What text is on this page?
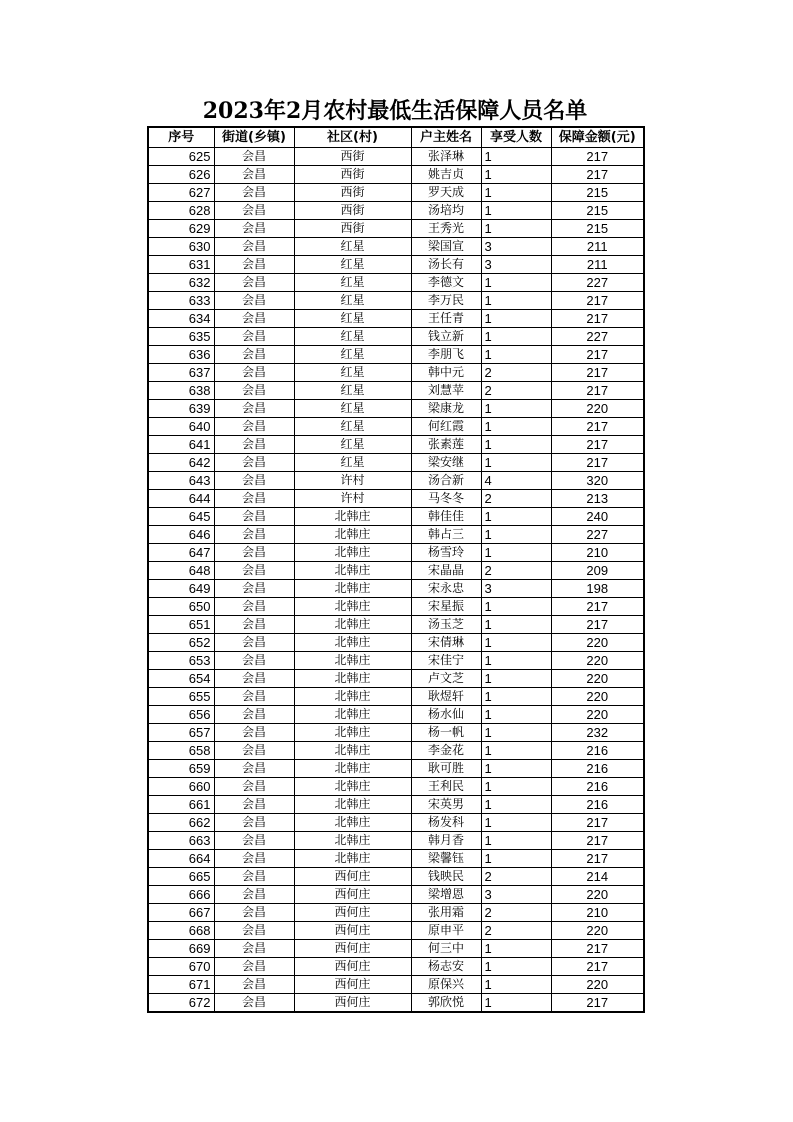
2023年2月农村最低生活保障人员名单
序号	街道(乡镇)	社区(村)	户主姓名	享受人数	保障金额(元)
625	会昌	西街	张泽琳	1	217
626	会昌	西街	姚吉贞	1	217
627	会昌	西街	罗天成	1	215
628	会昌	西街	汤培均	1	215
629	会昌	西街	王秀光	1	215
630	会昌	红星	梁国宣	3	211
631	会昌	红星	汤长有	3	211
632	会昌	红星	李德文	1	227
633	会昌	红星	李万民	1	217
634	会昌	红星	王任青	1	217
635	会昌	红星	钱立新	1	227
636	会昌	红星	李朋飞	1	217
637	会昌	红星	韩中元	2	217
638	会昌	红星	刘慧苹	2	217
639	会昌	红星	梁康龙	1	220
640	会昌	红星	何红霞	1	217
641	会昌	红星	张素莲	1	217
642	会昌	红星	梁安继	1	217
643	会昌	许村	汤合新	4	320
644	会昌	许村	马冬冬	2	213
645	会昌	北韩庄	韩佳佳	1	240
646	会昌	北韩庄	韩占三	1	227
647	会昌	北韩庄	杨雪玲	1	210
648	会昌	北韩庄	宋晶晶	2	209
649	会昌	北韩庄	宋永忠	3	198
650	会昌	北韩庄	宋星振	1	217
651	会昌	北韩庄	汤玉芝	1	217
652	会昌	北韩庄	宋倩琳	1	220
653	会昌	北韩庄	宋佳宁	1	220
654	会昌	北韩庄	卢文芝	1	220
655	会昌	北韩庄	耿煜轩	1	220
656	会昌	北韩庄	杨水仙	1	220
657	会昌	北韩庄	杨一帆	1	232
658	会昌	北韩庄	李金花	1	216
659	会昌	北韩庄	耿可胜	1	216
660	会昌	北韩庄	王利民	1	216
661	会昌	北韩庄	宋英男	1	216
662	会昌	北韩庄	杨发科	1	217
663	会昌	北韩庄	韩月香	1	217
664	会昌	北韩庄	梁馨钰	1	217
665	会昌	西何庄	钱映民	2	214
666	会昌	西何庄	梁增恩	3	220
667	会昌	西何庄	张用霜	2	210
668	会昌	西何庄	原申平	2	220
669	会昌	西何庄	何三中	1	217
670	会昌	西何庄	杨志安	1	217
671	会昌	西何庄	原保兴	1	220
672	会昌	西何庄	郭欣悦	1	217
